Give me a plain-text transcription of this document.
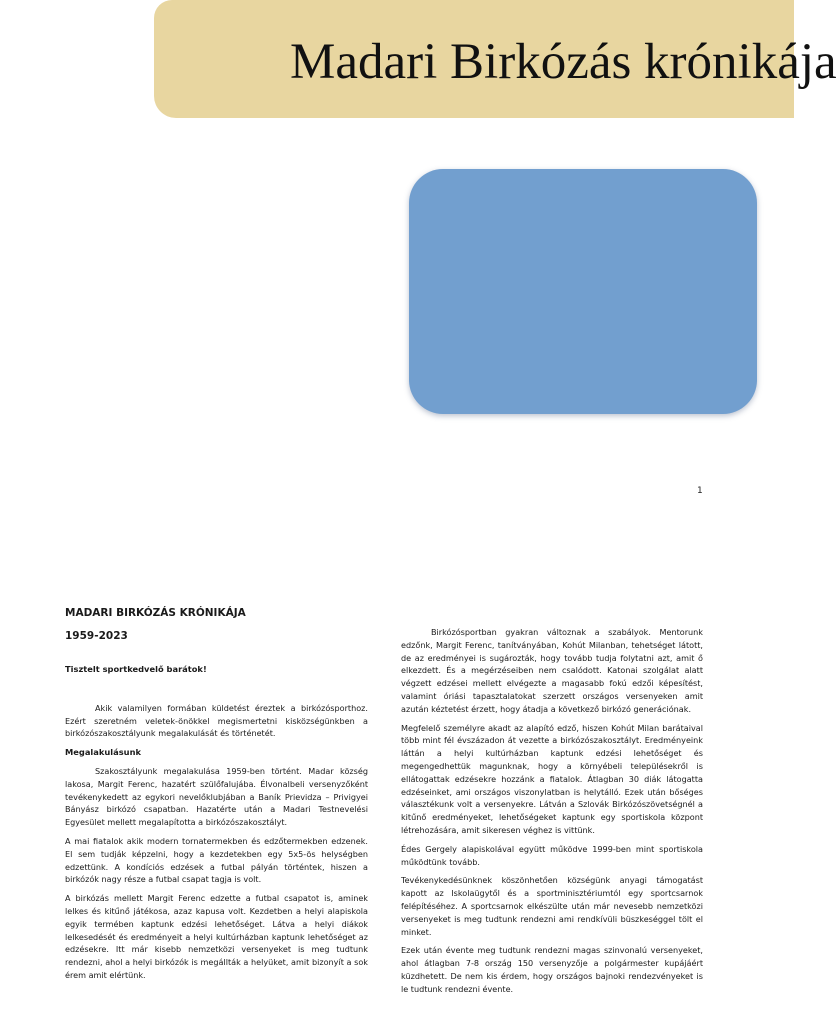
Madari Birkózás krónikája
1
MADARI BIRKÓZÁS KRÓNIKÁJA
1959-2023
Tisztelt sportkedvelő barátok!

Akik valamilyen formában küldetést éreztek a birkózósporthoz. Ezért szeretném veletek-önökkel megismertetni kisközségünkben a birkózószakosztályunk megalakulását és történetét.

Megalakulásunk

Szakosztályunk megalakulása 1959-ben történt. Madar község lakosa, Margit Ferenc, hazatért szülőfalujába. Élvonalbeli versenyzőként tevékenykedett az egykori nevelőklubjában a Baník Prievidza – Privigyei Bányász birkózó csapatban. Hazatérte után a Madari Testnevelési Egyesület mellett megalapította a birkózószakosztályt.

A mai fiatalok akik modern tornatermekben és edzőtermekben edzenek. El sem tudják képzelni, hogy a kezdetekben egy 5x5-ös helységben edzettünk. A kondíciós edzések a futbal pályán történtek, hiszen a birkózók nagy része a futbal csapat tagja is volt.

A birkózás mellett Margit Ferenc edzette a futbal csapatot is, aminek lelkes és kitűnő játékosa, azaz kapusa volt. Kezdetben a helyi alapiskola egyik termében kaptunk edzési lehetőséget. Látva a helyi diákok lelkesedését és eredményeit a helyi kultúrházban kaptunk lehetőséget az edzésekre. Itt már kisebb nemzetközi versenyeket is meg tudtunk rendezni, ahol a helyi birkózók is megállták a helyüket, amit bizonyít a sok érem amit elértünk.

Birkózósportban gyakran változnak a szabályok. Mentorunk edzőnk, Margit Ferenc, tanítványában, Kohút Milanban, tehetséget látott, de az eredményei is sugározták, hogy tovább tudja folytatni azt, amit ő elkezdett. És a megérzéseiben nem csalódott. Katonai szolgálat alatt végzett edzései mellett elvégezte a magasabb fokú edzői képesítést, valamint óriási tapasztalatokat szerzett országos versenyeken amit azután kéztetést érzett, hogy átadja a következő birkózó generációnak.

Megfelelő személyre akadt az alapító edző, hiszen Kohút Milan barátaival több mint fél évszázadon át vezette a birkózószakosztályt. Eredményeink láttán a helyi kultúrházban kaptunk edzési lehetőséget és megengedhettük magunknak, hogy a környébeli településekről is ellátogattak edzésekre hozzánk a fiatalok. Átlagban 30 diák látogatta edzéseinket, ami országos viszonylatban is helytálló. Ezek után bőséges választékunk volt a versenyekre. Látván a Szlovák Birkózószövetségnél a kitűnő eredményeket, lehetőségeket kaptunk egy sportiskola központ létrehozására, amit sikeresen véghez is vittünk.

Édes Gergely alapiskolával együtt működve 1999-ben mint sportiskola működtünk tovább.

Tevékenykedésünknek köszönhetően községünk anyagi támogatást kapott az Iskolaügytől és a sportminisztériumtól egy sportcsarnok felépítéséhez. A sportcsarnok elkészülte után már nevesebb nemzetközi versenyeket is meg tudtunk rendezni ami rendkívüli büszkeséggel tölt el minket.

Ezek után évente meg tudtunk rendezni magas szinvonalú versenyeket, ahol átlagban 7-8 ország 150 versenyzője a polgármester kupájáért küzdhetett. De nem kis érdem, hogy országos bajnoki rendezvényeket is le tudtunk rendezni évente.
